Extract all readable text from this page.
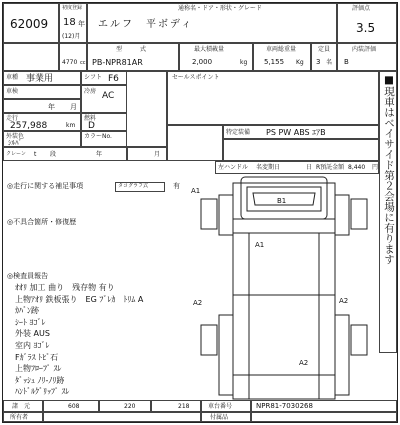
62009
初度登録
18 年
(12)月
通称名・ドア・形状・グレード
エルフ　平ボディ
評価点
3.5
4770 cc
型　　　式
PB-NPR81AR
最大積載量
2,000	kg
車両総重量
5,155 Kg
定員
3 名
内装評価
B
車種 事業用	シフト F6
車検
年 月
冷房 AC
走行
257,988	km
燃料
D
外装色
ｼﾙﾊﾞ
カラーNo.
クレーン t 段	年	月
セールスポイント
特定装備 PS PW ABS ｴｱB
左ハンドル 名変期日	日 R預託金額 8,440 円 ■現車はベイサイド第２会場に有ります
◎走行に関する補足事項	タコグラフ式	有
◎不具合箇所・修復歴
◎検査員報告
B1
A1
A1
A2	A2
A2
諸　元	608	220	218	車台番号	NPR81-7030268
所有者	付属品
ｵｵﾘ 加工 曲り　残存物 有り
上物ｱｵﾘ 鉄板張り　EG ﾌﾞﾚｶ　ﾄﾘﾑ A
ｶﾊﾞﾝ跡
ｼｰﾄ ﾖｺﾞﾚ
外装 AUS
室内 ﾖｺﾞﾚ
Fｶﾞﾗｽ ﾄﾋﾞ石
上物ﾌﾛｰﾌﾟ ｽﾚ
ﾀﾞｯｼｭ ﾉﾘ-ﾉﾘ跡
ﾊﾝﾄﾞﾙｸﾞﾘｯﾌﾟ ｽﾚ
